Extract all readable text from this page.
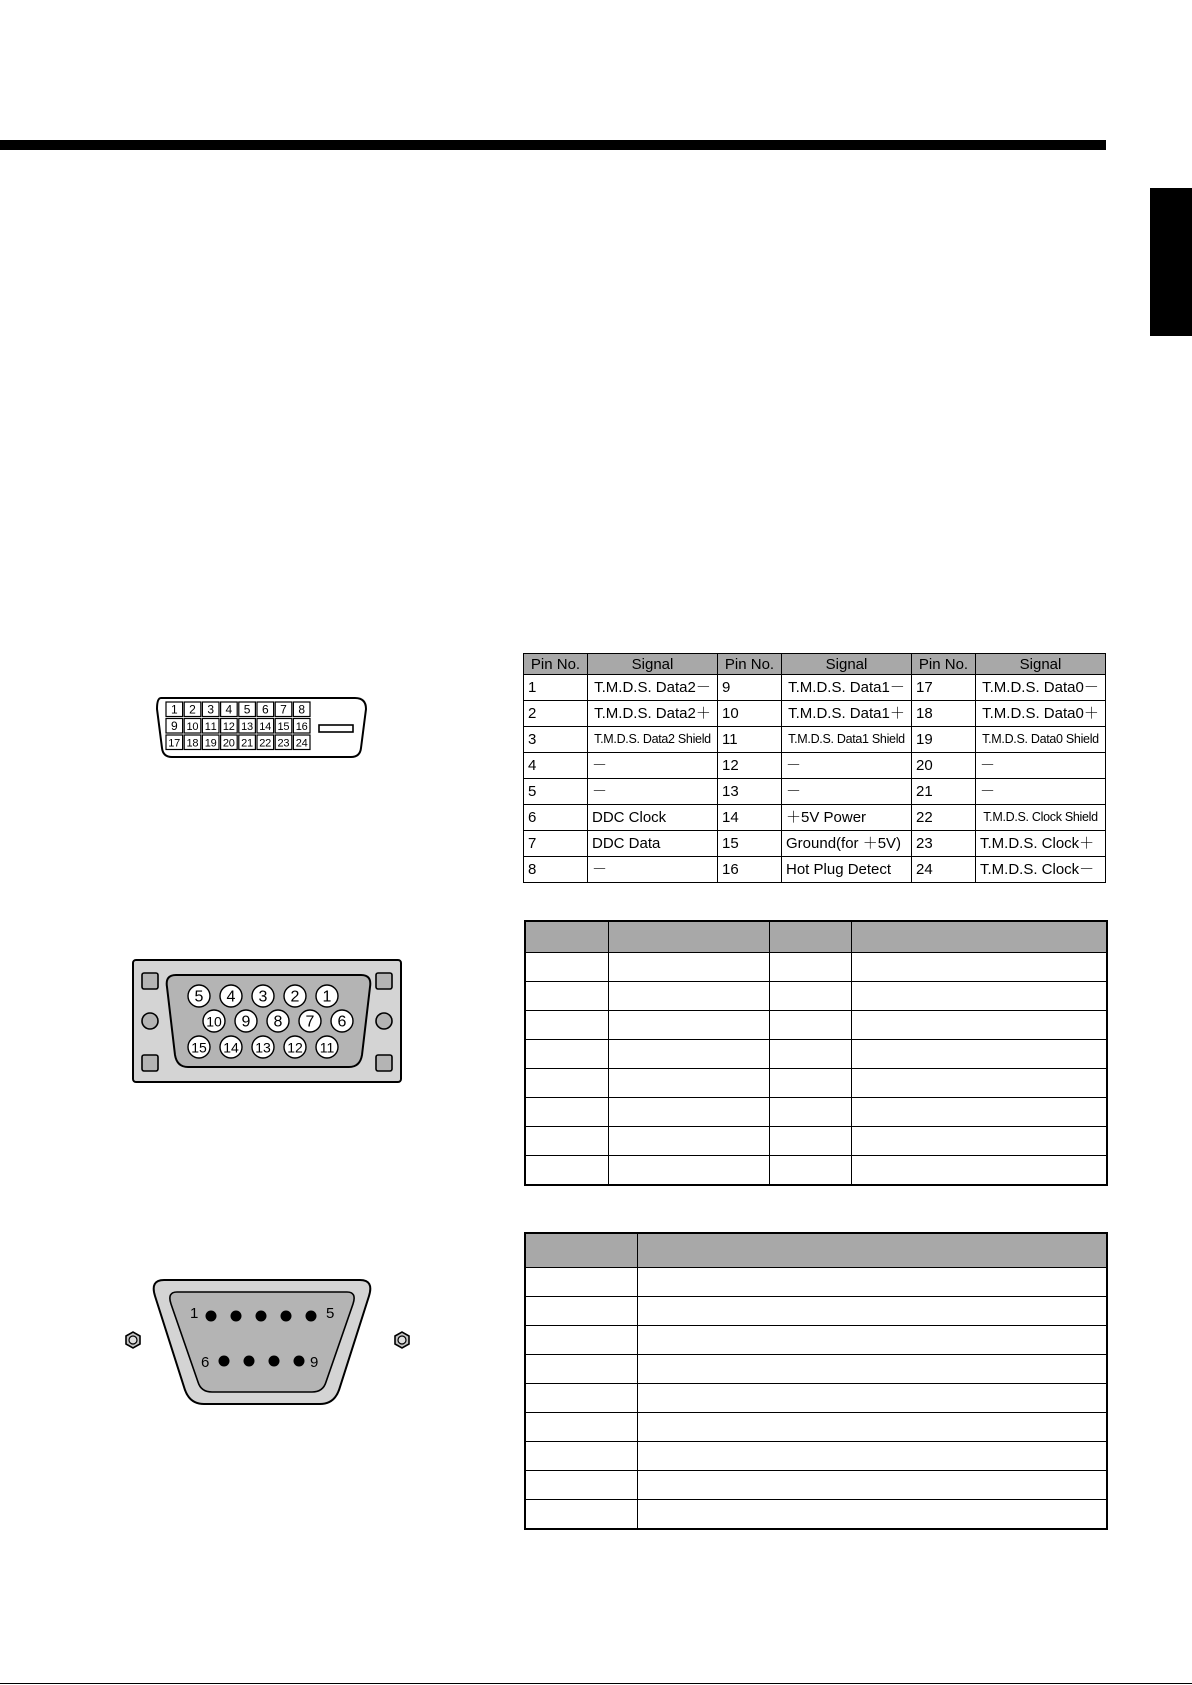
1 2 3 4 5 6 7 8
9 10 11 12 13 14 15 16
17 18 19 20 21 22 23 24
Pin No.	Signal	Pin No.	Signal	Pin No.	Signal
1	T.M.D.S. Data2－	9	T.M.D.S. Data1－	17	T.M.D.S. Data0－
2	T.M.D.S. Data2＋	10	T.M.D.S. Data1＋	18	T.M.D.S. Data0＋
3	T.M.D.S. Data2 Shield	11	T.M.D.S. Data1 Shield	19	T.M.D.S. Data0 Shield
4	－	12	－	20	－
5	－	13	－	21	－
6	DDC Clock	14	＋5V Power	22	T.M.D.S. Clock Shield
7	DDC Data	15	Ground(for ＋5V)	23	T.M.D.S. Clock＋
8	－	16	Hot Plug Detect	24	T.M.D.S. Clock－
5 4 3 2 1
10 9 8 7 6
15 14 13 12 11

1	5
6	9
